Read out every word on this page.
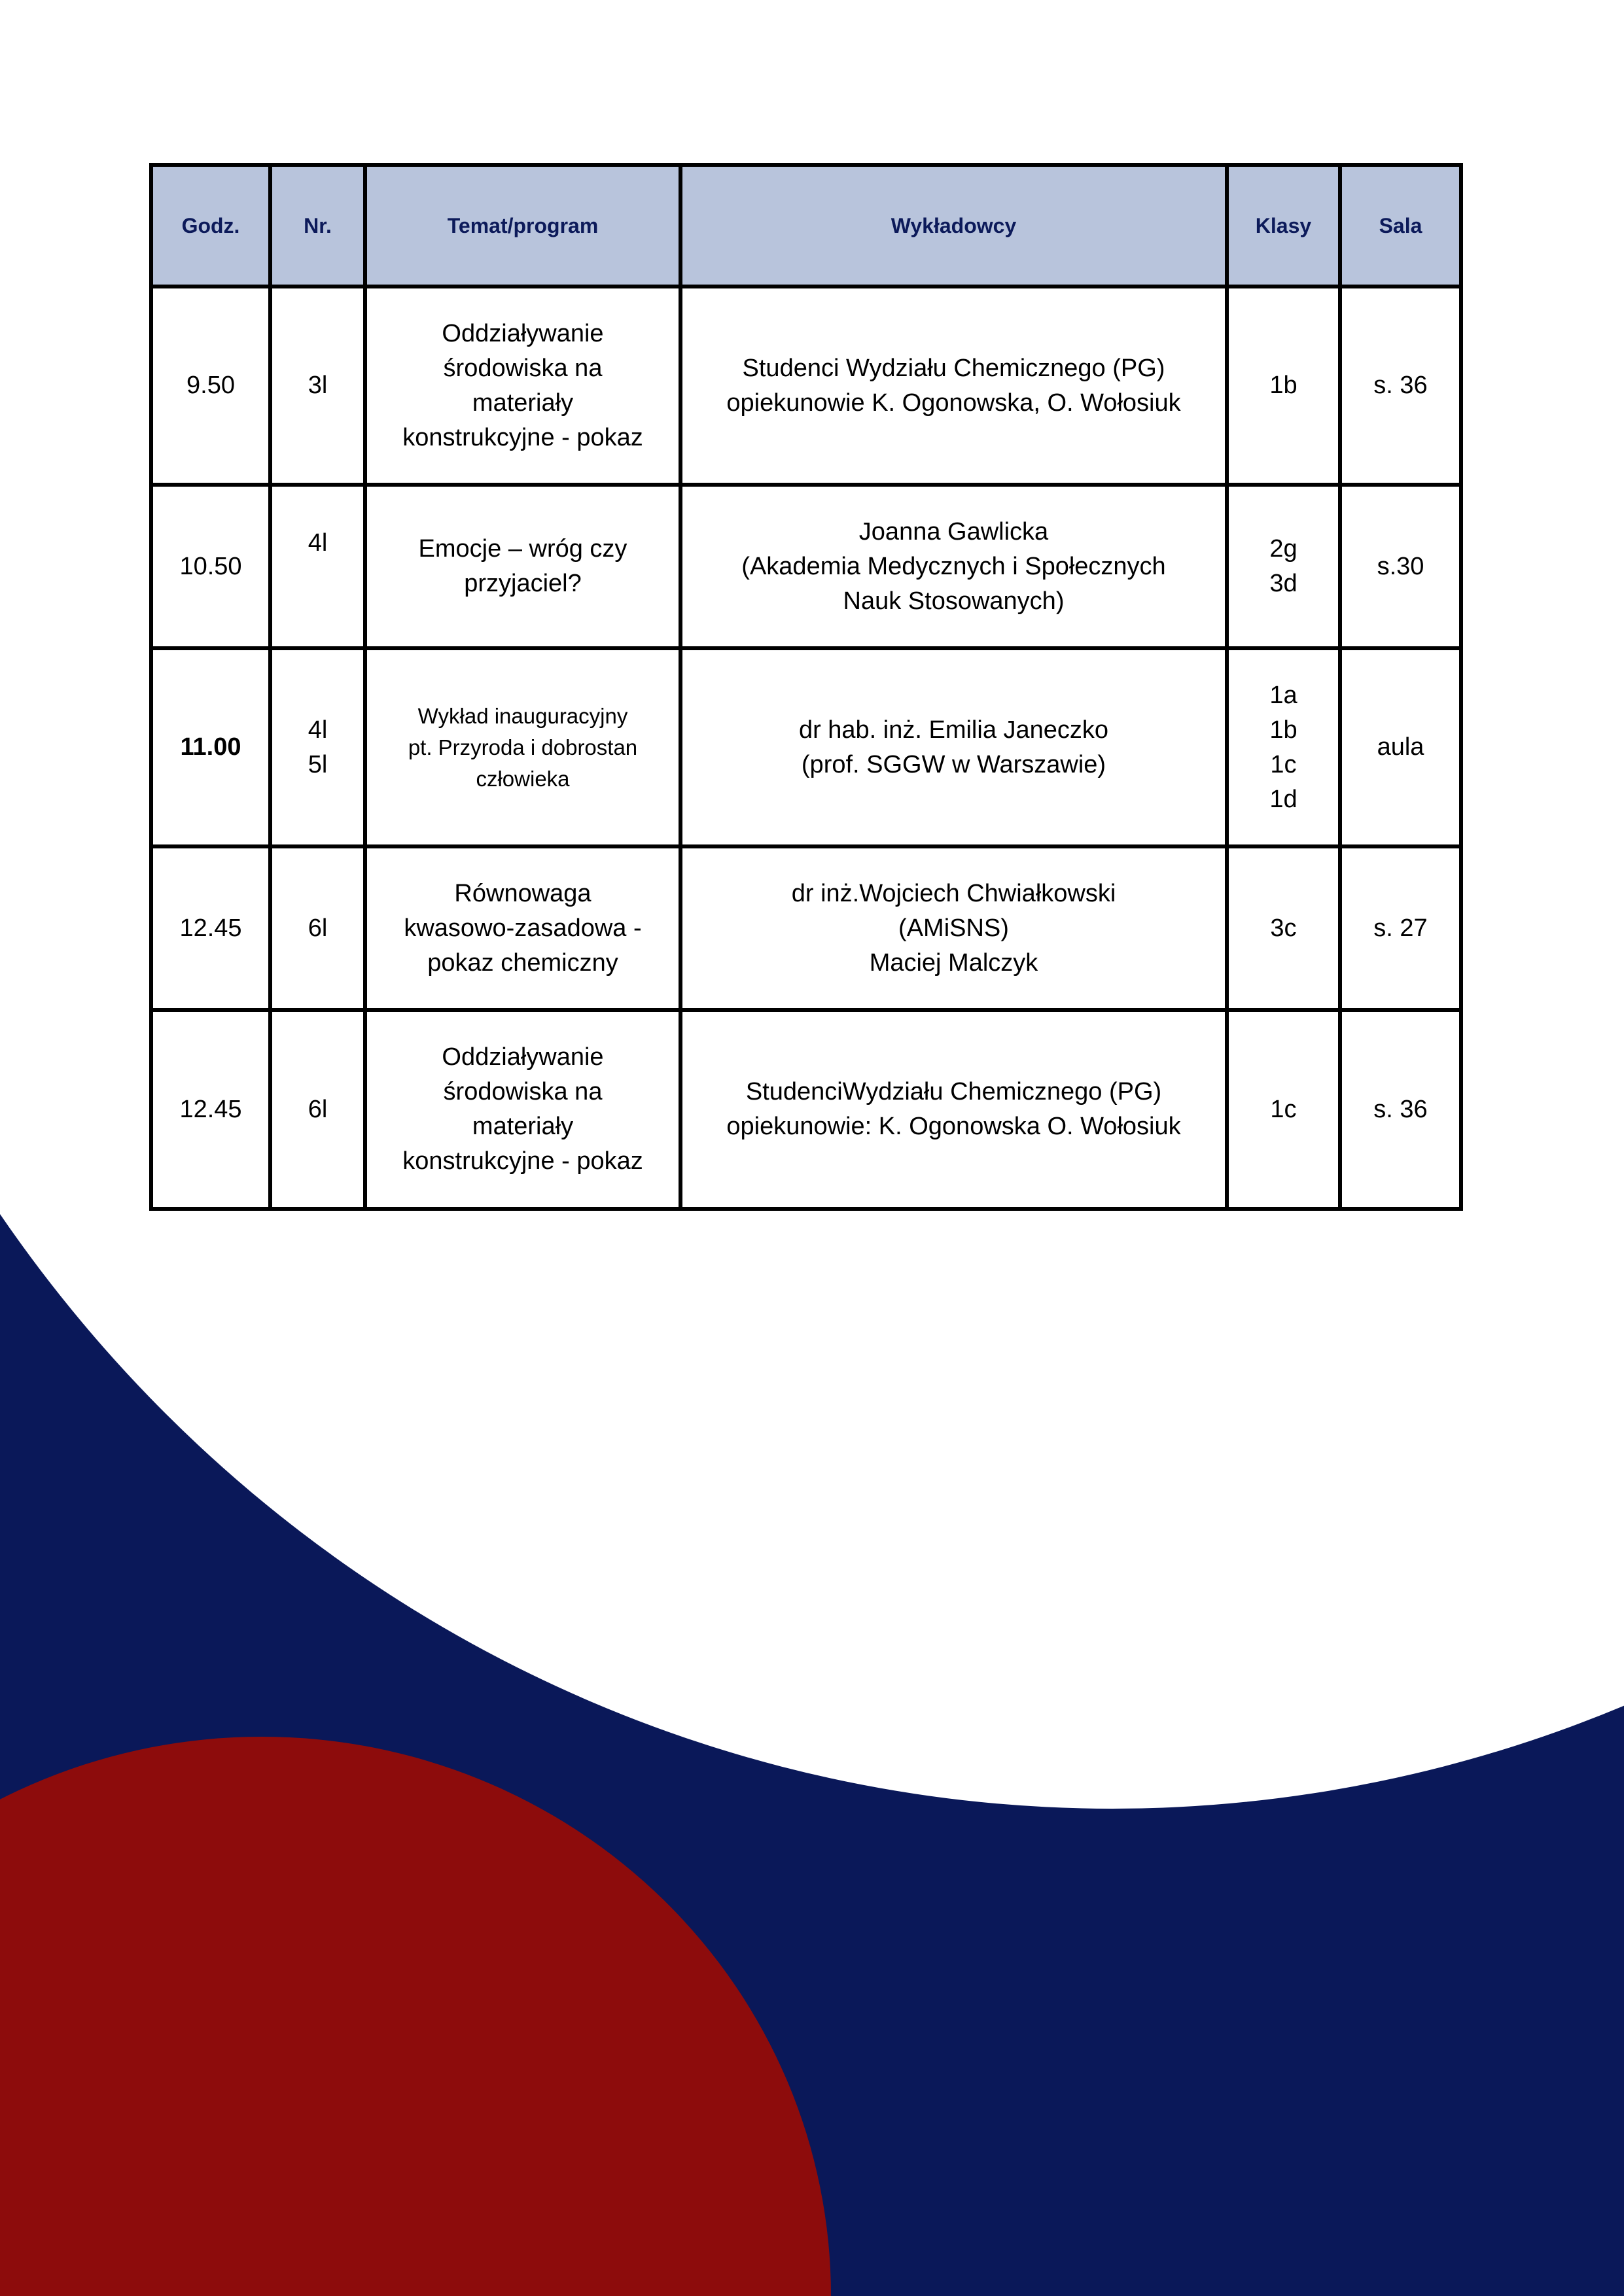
Godz.	Nr.	Temat/program	Wykładowcy	Klasy	Sala
9.50	3l	Oddziaływanie
środowiska na
materiały
konstrukcyjne - pokaz	Studenci Wydziału Chemicznego (PG)
opiekunowie K. Ogonowska, O. Wołosiuk	1b	s. 36
10.50	4l	Emocje – wróg czy
przyjaciel?	Joanna Gawlicka
(Akademia Medycznych i Społecznych
Nauk Stosowanych)	2g
3d	s.30
11.00	4l
5l	Wykład inauguracyjny
pt. Przyroda i dobrostan
człowieka	dr hab. inż. Emilia Janeczko
(prof. SGGW w Warszawie)	1a
1b
1c
1d	aula
12.45	6l	Równowaga
kwasowo-zasadowa -
pokaz chemiczny	dr inż.Wojciech Chwiałkowski
(AMiSNS)
Maciej Malczyk	3c	s. 27
12.45	6l	Oddziaływanie
środowiska na
materiały
konstrukcyjne - pokaz	StudenciWydziału Chemicznego (PG)
opiekunowie: K. Ogonowska O. Wołosiuk	1c	s. 36
